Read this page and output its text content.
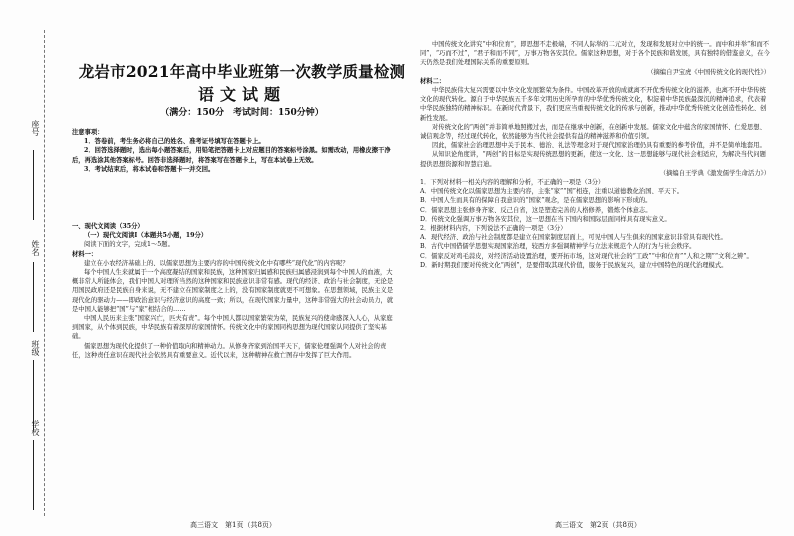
座号
姓名
班级
学校
龙岩市2021年高中毕业班第一次教学质量检测
语文试题
（满分：150分　考试时间：150分钟）

注意事项：

1．答卷前，考生务必将自己的姓名、准考证号填写在答题卡上。

2．回答选择题时，选出每小题答案后，用铅笔把答题卡上对应题目的答案标号涂黑。如需改动，用橡皮擦干净后，再选涂其他答案标号。回答非选择题时，将答案写在答题卡上，写在本试卷上无效。

3．考试结束后，将本试卷和答题卡一并交回。

一、现代文阅读（35分）

（一）现代文阅读Ⅰ（本题共5小题，19分）

阅读下面的文字，完成1～5题。

材料一：

建立在小农经济基础上的、以儒家思想为主要内容的中国传统文化中有哪些“现代化”的内容呢？

每个中国人生来就属于一个高度凝结的国家和民族，这种国家归属感和民族归属感浸润到每个中国人的血液，大概非常人所能体会，我们中国人对理所当然的这种国家和民族意识非常有感。现代的经济、政治与社会制度，无论是用国民政府还是民族自身来说，无不建立在国家制度之上的，没有国家制度就更不可想象。在思想领域，民族主义是现代化的驱动力——即政治意识与经济意识的高度一致；所以，在现代国家力量中，这种非常强大的社会动员力，就是中国人能够把“国”与“家”相结合的……

中国人民历来主张“国家兴亡，匹夫有责”。每个中国人都以国家繁荣为荣，民族复兴的使命感深入人心，从家庭到国家，从个体到民族，中华民族有着深厚的家国情怀。传统文化中的家国同构思想为现代国家认同提供了坚实基础。

儒家思想为现代化提供了一种价值取向和精神动力。从修身齐家到治国平天下，儒家伦理强调个人对社会的责任，这种责任意识在现代社会依然具有重要意义。近代以来，这种精神在救亡图存中发挥了巨大作用。

高三语文　第1页（共8页）

中国传统文化讲究“中和位育”，即思想不走极端，不同人际举的二元对立，发现和发展对立中的统一。而中和并举“和而不同”，“巧而不过”，“君子和而不同”，万事万物各安其位。儒家这种思想，对于各个民族和谐发展，具有独特的借鉴意义，在今天仍然是我们处理国际关系的重要原则。

（摘编自尹宝虎《中国传统文化的现代性》）

材料二：

中华民族伟大复兴需要以中华文化发展繁荣为条件。中国改革开放的成就离不开优秀传统文化的滋养，也离不开中华传统文化的现代转化。源自于中华民族五千多年文明历史所孕育的中华优秀传统文化，积淀着中华民族最深沉的精神追求，代表着中华民族独特的精神标识。在新时代背景下，我们更应当重视传统文化的传承与创新，推动中华优秀传统文化创造性转化、创新性发展。

对传统文化的“两创”并非简单地照搬过去，而是在继承中创新，在创新中发展。儒家文化中蕴含的家国情怀、仁爱思想、诚信观念等，经过现代转化，依然能够为当代社会提供有益的精神滋养和价值引领。

因此，儒家社会治理思想中关于民本、德治、礼法等理念对于现代国家治理仍具有重要的参考价值，并不是简单地套用。

从知识论角度讲，“两创”的目标是实现传统思想的更新，使这一文化、这一思想能够与现代社会相适应，为解决当代问题提供思想资源和智慧启迪。

（摘编自王学典《激发儒学生命活力》）

1．下列对材料一相关内容的理解和分析，不正确的一项是（3分）

A．中国传统文化以儒家思想为主要内容，主张“家”“国”相连，注重以道德教化治国、平天下。

B．中国人生而具有的保障自我意识的“国家”观念，是在儒家思想的影响下形成的。

C．儒家思想主张修身齐家、反己自省，这是塑造完善的人格修养，锻炼个体意志。

D．传统文化强调万事万物各安其位，这一思想在当下国内和国际层面同样具有现实意义。

2．根据材料内容，下列说法不正确的一项是（3分）

A．现代经济、政治与社会制度都是建立在国家制度层面上，可见中国人与生俱来的国家意识非常具有现代性。

B．古代中国借儒学思想实现国家治理，较西方多强调精神学与立法来规范个人的行为与社会秩序。

C．儒家反对鸡毛蒜皮，对经济活动设置治理，要开拓市场，这对现代社会的“工政”“中和位育”“人和之期”“文利之辨”。

D．新时期我们要对传统文化“两创”，是要借取其现代价值，服务于民族复兴，建立中国特色的现代治理模式。

高三语文　第2页（共8页）
